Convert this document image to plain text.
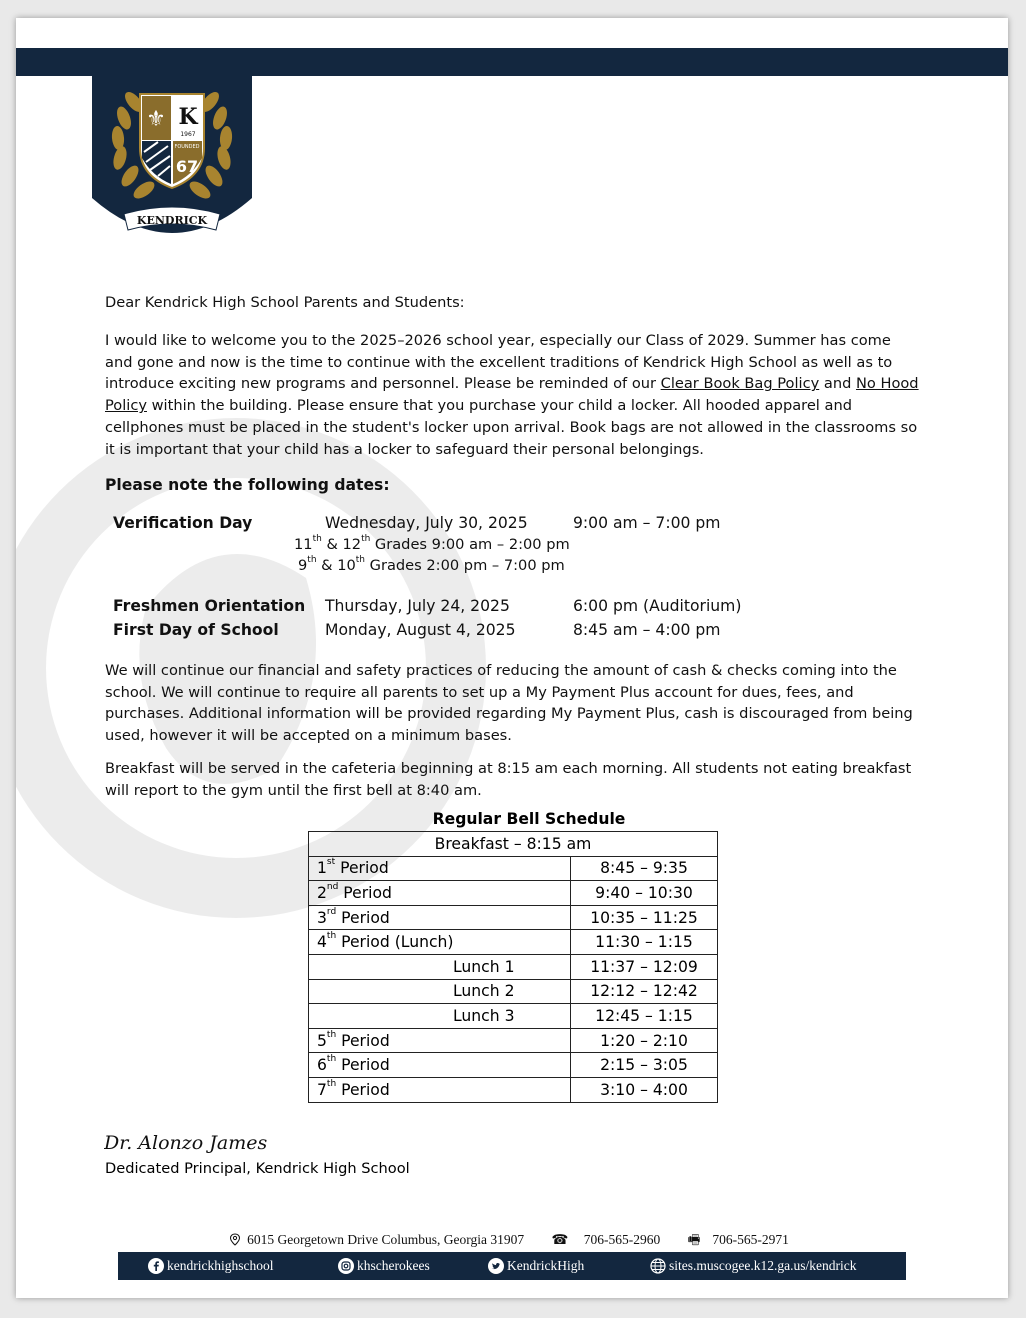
⚜ K
1967
FOUNDED
67
KENDRICK

Dear Kendrick High School Parents and Students:

I would like to welcome you to the 2025–2026 school year, especially our Class of 2029. Summer has come and gone and now is the time to continue with the excellent traditions of Kendrick High School as well as to introduce exciting new programs and personnel. Please be reminded of our Clear Book Bag Policy and No Hood Policy within the building. Please ensure that you purchase your child a locker. All hooded apparel and cellphones must be placed in the student's locker upon arrival. Book bags are not allowed in the classrooms so it is important that your child has a locker to safeguard their personal belongings.

Please note the following dates:
Verification Day	Wednesday, July 30, 2025	9:00 am – 7:00 pm
11th & 12th Grades 9:00 am – 2:00 pm
9th & 10th Grades 2:00 pm – 7:00 pm
Freshmen Orientation Thursday, July 24, 2025	6:00 pm (Auditorium)
First Day of School	Monday, August 4, 2025	8:45 am – 4:00 pm

We will continue our financial and safety practices of reducing the amount of cash & checks coming into the school. We will continue to require all parents to set up a My Payment Plus account for dues, fees, and purchases. Additional information will be provided regarding My Payment Plus, cash is discouraged from being used, however it will be accepted on a minimum bases.

Breakfast will be served in the cafeteria beginning at 8:15 am each morning. All students not eating breakfast will report to the gym until the first bell at 8:40 am.

Regular Bell Schedule
Breakfast – 8:15 am	
1st Period	8:45 – 9:35
2nd Period	9:40 – 10:30
3rd Period	10:35 – 11:25
4th Period (Lunch)	11:30 – 1:15
Lunch 1	11:37 – 12:09
Lunch 2	12:12 – 12:42
Lunch 3	12:45 – 1:15
5th Period	1:20 – 2:10
6th Period	2:15 – 3:05
7th Period	3:10 – 4:00
Dr. Alonzo James
Dedicated Principal, Kendrick High School
6015 Georgetown Drive Columbus, Georgia 31907 ☎ 706-565-2960 🖷 706-565-2971
kendrickhighschool	khscherokees	KendrickHigh	sites.muscogee.k12.ga.us/kendrick
